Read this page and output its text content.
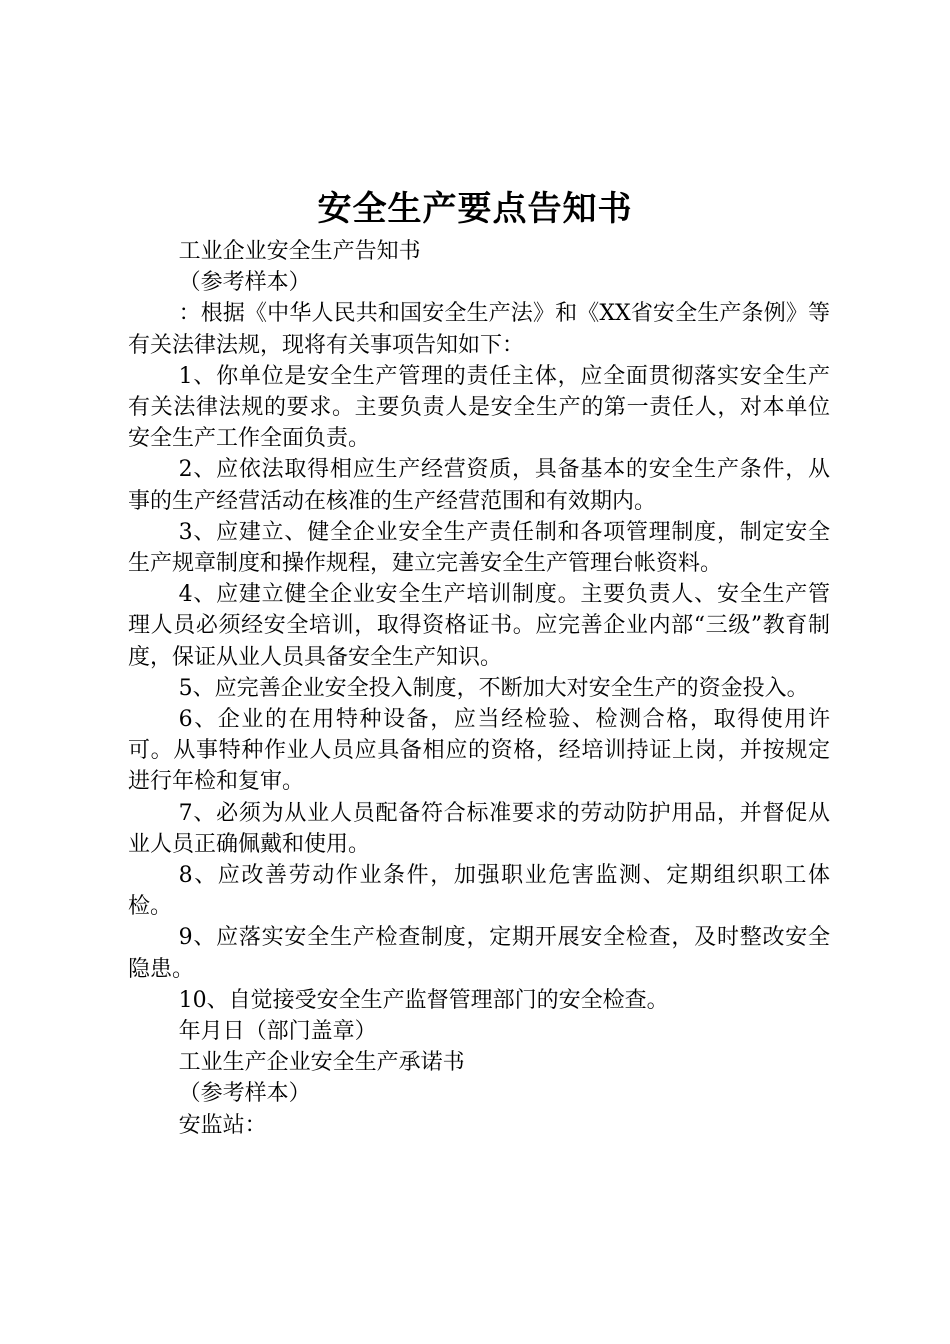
安全生产要点告知书

工业企业安全生产告知书

（参考样本）

：根据《中华人民共和国安全生产法》和《XX省安全生产条例》等有关法律法规，现将有关事项告知如下：

1、你单位是安全生产管理的责任主体，应全面贯彻落实安全生产有关法律法规的要求。主要负责人是安全生产的第一责任人，对本单位安全生产工作全面负责。

2、应依法取得相应生产经营资质，具备基本的安全生产条件，从事的生产经营活动在核准的生产经营范围和有效期内。

3、应建立、健全企业安全生产责任制和各项管理制度，制定安全生产规章制度和操作规程，建立完善安全生产管理台帐资料。

4、应建立健全企业安全生产培训制度。主要负责人、安全生产管理人员必须经安全培训，取得资格证书。应完善企业内部“三级”教育制度，保证从业人员具备安全生产知识。

5、应完善企业安全投入制度，不断加大对安全生产的资金投入。

6、企业的在用特种设备，应当经检验、检测合格，取得使用许可。从事特种作业人员应具备相应的资格，经培训持证上岗，并按规定进行年检和复审。

7、必须为从业人员配备符合标准要求的劳动防护用品，并督促从业人员正确佩戴和使用。

8、应改善劳动作业条件，加强职业危害监测、定期组织职工体检。

9、应落实安全生产检查制度，定期开展安全检查，及时整改安全隐患。

10、自觉接受安全生产监督管理部门的安全检查。

年月日（部门盖章）

工业生产企业安全生产承诺书

（参考样本）

安监站：
